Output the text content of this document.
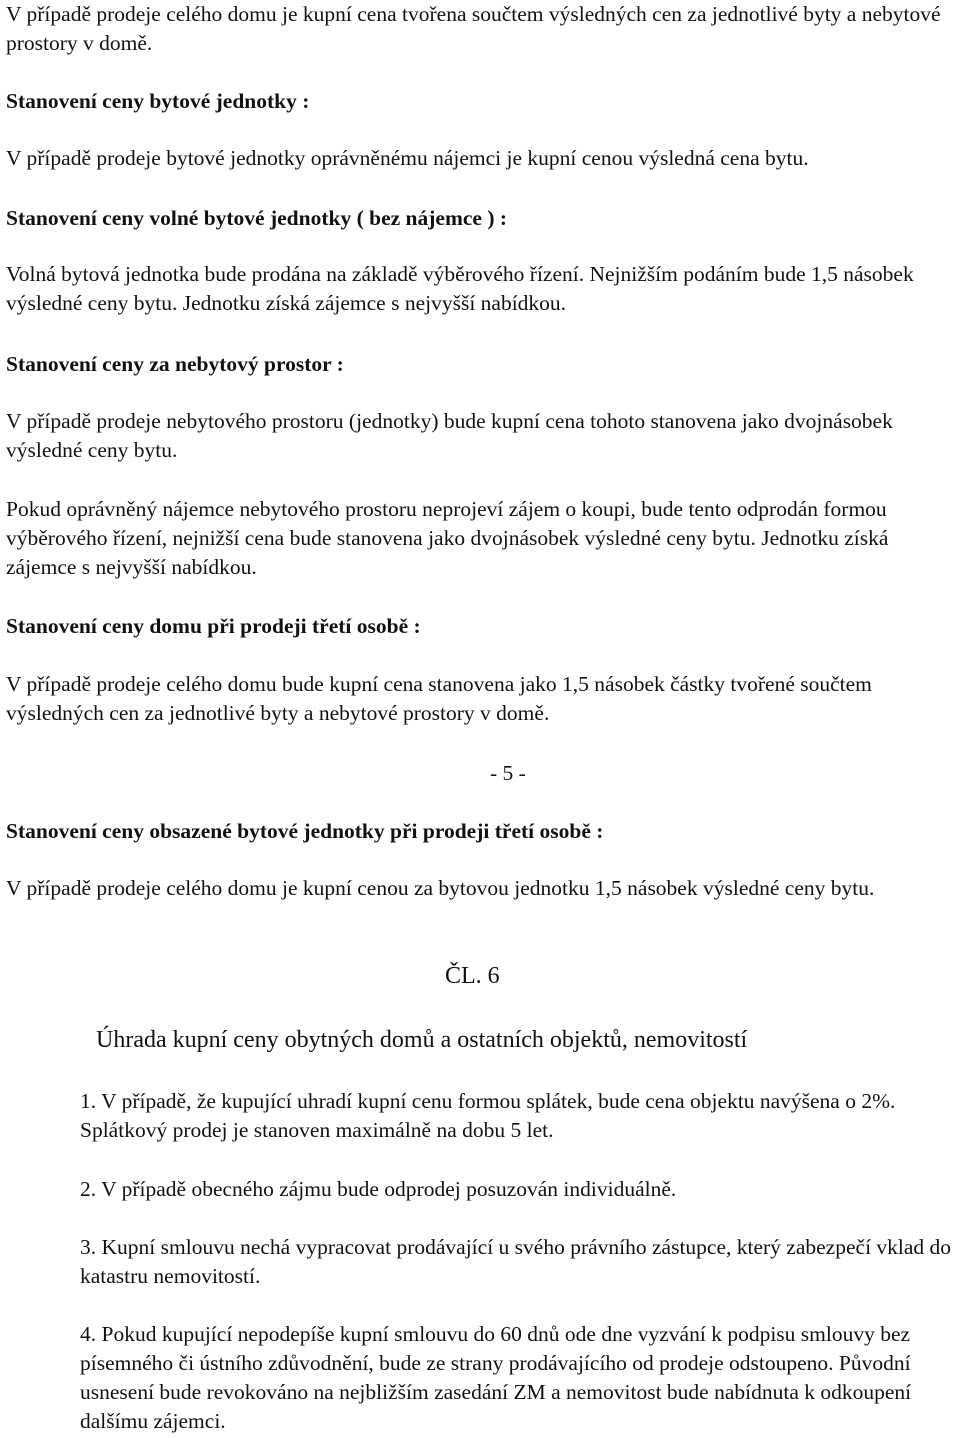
V případě prodeje celého domu je kupní cena tvořena součtem výsledných cen za jednotlivé byty a nebytové prostory v domě.

Stanovení ceny bytové jednotky :

V případě prodeje bytové jednotky oprávněnému nájemci je kupní cenou výsledná cena bytu.

Stanovení ceny volné bytové jednotky ( bez nájemce ) :

Volná bytová jednotka bude prodána na základě výběrového řízení. Nejnižším podáním bude 1,5 násobek výsledné ceny bytu. Jednotku získá zájemce s nejvyšší nabídkou.

Stanovení ceny za nebytový prostor :

V případě prodeje nebytového prostoru (jednotky) bude kupní cena tohoto stanovena jako dvojnásobek výsledné ceny bytu.

Pokud oprávněný nájemce nebytového prostoru neprojeví zájem o koupi, bude tento odprodán formou výběrového řízení, nejnižší cena bude stanovena jako dvojnásobek výsledné ceny bytu. Jednotku získá zájemce s nejvyšší nabídkou.

Stanovení ceny domu při prodeji třetí osobě :

V případě prodeje celého domu bude kupní cena stanovena jako 1,5 násobek částky tvořené součtem výsledných cen za jednotlivé byty a nebytové prostory v domě.

- 5 -

Stanovení ceny obsazené bytové jednotky při prodeji třetí osobě :

V případě prodeje celého domu je kupní cenou za bytovou jednotku 1,5 násobek výsledné ceny bytu.

ČL. 6

Úhrada kupní ceny obytných domů a ostatních objektů, nemovitostí

1. V případě, že kupující uhradí kupní cenu formou splátek, bude cena objektu navýšena o 2%. Splátkový prodej je stanoven maximálně na dobu 5 let.

2. V případě obecného zájmu bude odprodej posuzován individuálně.

3. Kupní smlouvu nechá vypracovat prodávající u svého právního zástupce, který zabezpečí vklad do katastru nemovitostí.

4. Pokud kupující nepodepíše kupní smlouvu do 60 dnů ode dne vyzvání k podpisu smlouvy bez písemného či ústního zdůvodnění, bude ze strany prodávajícího od prodeje odstoupeno. Původní usnesení bude revokováno na nejbližším zasedání ZM a nemovitost bude nabídnuta k odkoupení dalšímu zájemci.
